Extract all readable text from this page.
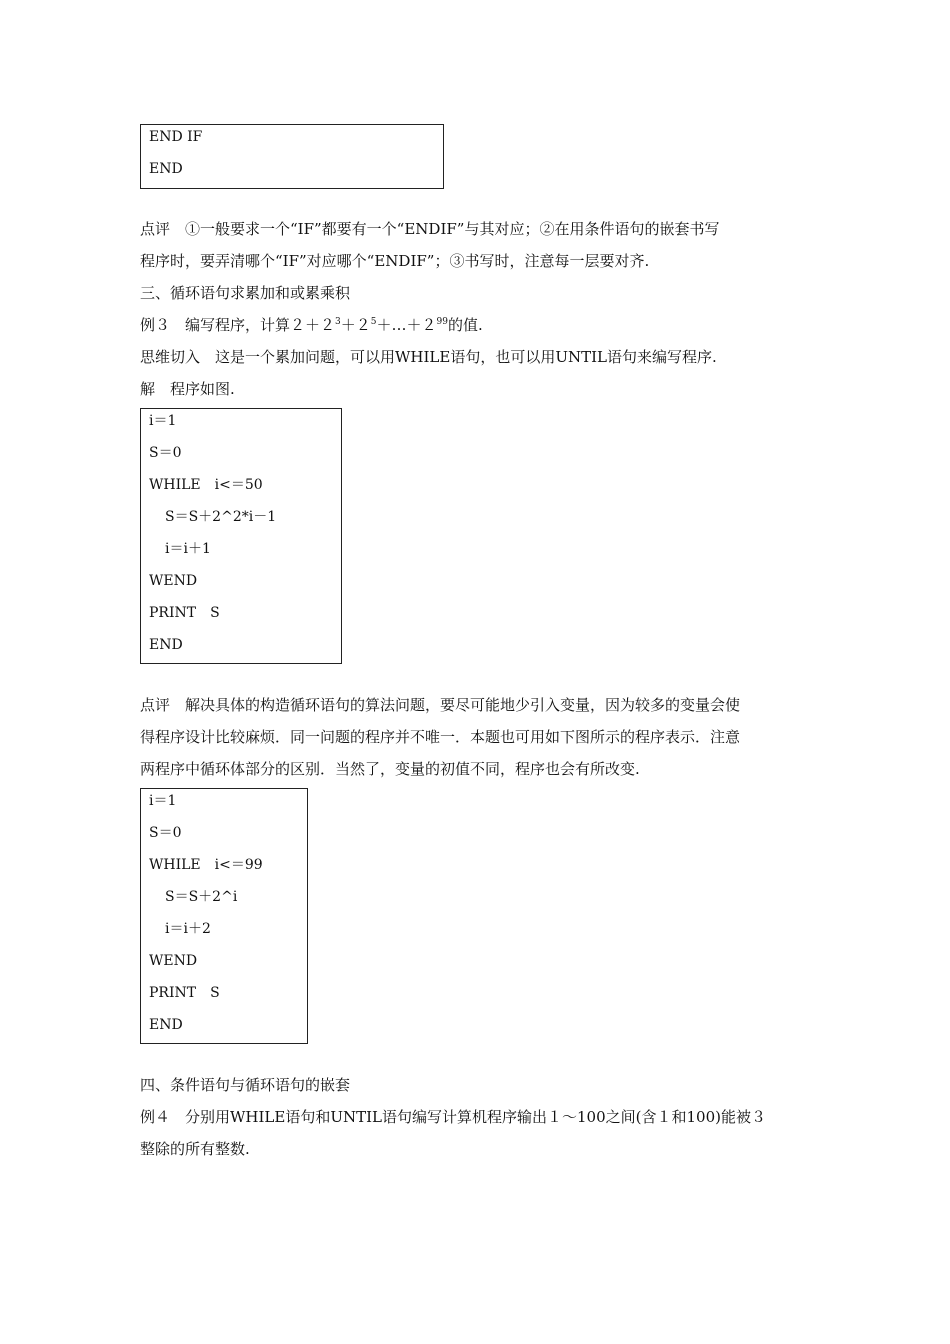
END IF
END
点评　①一般要求一个“IF”都要有一个“ENDIF”与其对应；②在用条件语句的嵌套书写
程序时，要弄清哪个“IF”对应哪个“ENDIF”；③书写时，注意每一层要对齐.
三、循环语句求累加和或累乘积
例３　编写程序，计算$2+2^3+2^5+\dots+2^{99}$的值.
思维切入　这是一个累加问题，可以用WHILE语句，也可以用UNTIL语句来编写程序.
解　程序如图.
i＝1
S＝0
WHILE　i<＝50
S＝S＋2^2*i－1
i＝i＋1
WEND
PRINT　S
END
点评　解决具体的构造循环语句的算法问题，要尽可能地少引入变量，因为较多的变量会使
得程序设计比较麻烦．同一问题的程序并不唯一．本题也可用如下图所示的程序表示．注意
两程序中循环体部分的区别．当然了，变量的初值不同，程序也会有所改变.
i＝1
S＝0
WHILE　i<＝99
S＝S＋2^i
i＝i＋2
WEND
PRINT　S
END
四、条件语句与循环语句的嵌套
例４　分别用WHILE语句和UNTIL语句编写计算机程序输出１～100之间(含１和100)能被３
整除的所有整数.
